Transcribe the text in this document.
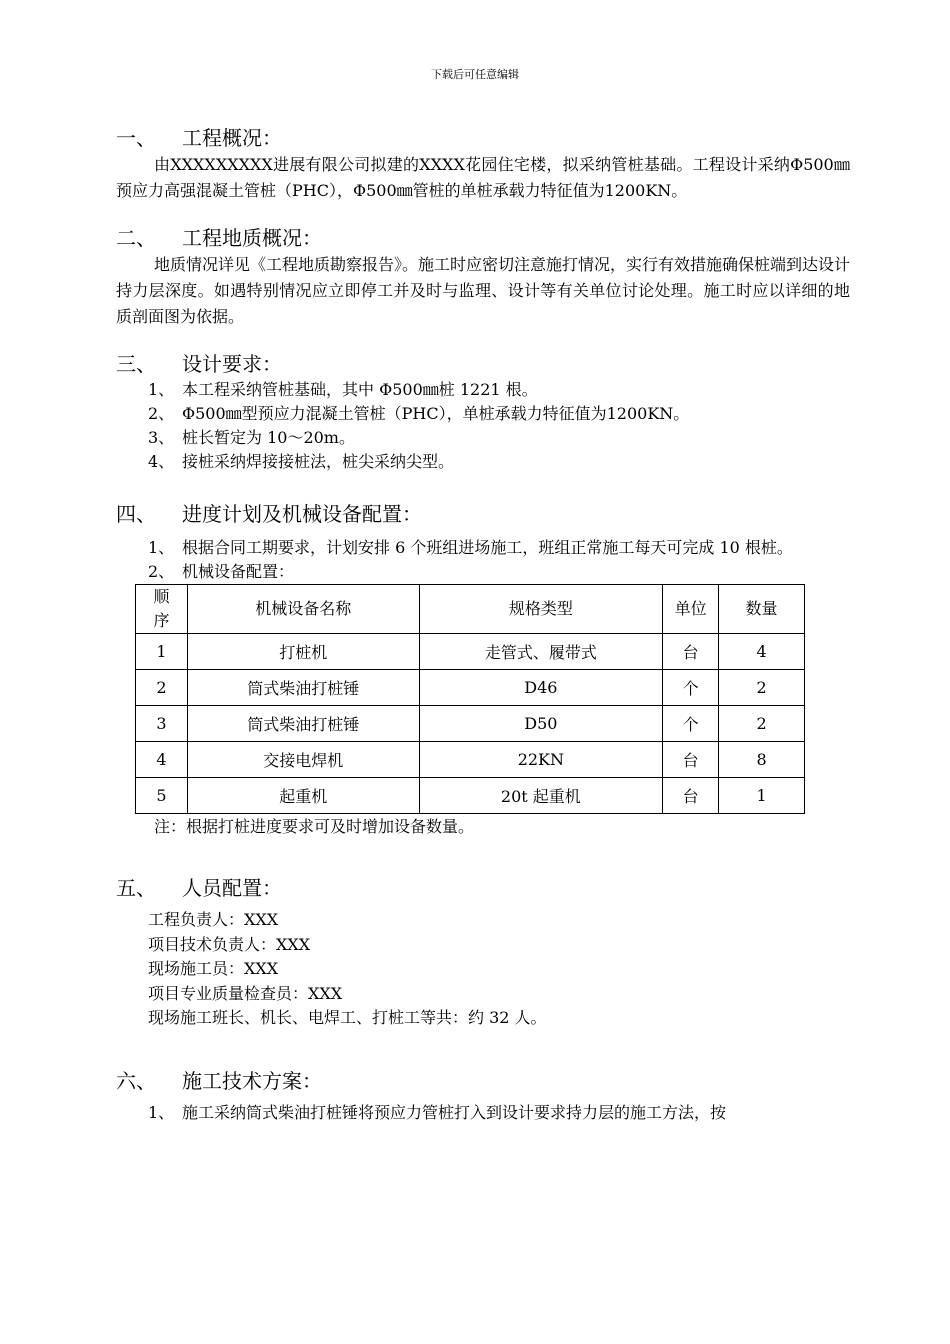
下载后可任意编辑
一、	工程概况：
由XXXXXXXXX进展有限公司拟建的XXXX花园住宅楼，拟采纳管桩基础。工程设计采纳Φ500㎜预应力高强混凝土管桩（PHC），Φ500㎜管桩的单桩承载力特征值为1200KN。
二、	工程地质概况：
地质情况详见《工程地质勘察报告》。施工时应密切注意施打情况，实行有效措施确保桩端到达设计持力层深度。如遇特别情况应立即停工并及时与监理、设计等有关单位讨论处理。施工时应以详细的地质剖面图为依据。
三、	设计要求：
1、 本工程采纳管桩基础，其中 Φ500㎜桩 1221 根。
2、 Φ500㎜型预应力混凝土管桩（PHC），单桩承载力特征值为1200KN。
3、 桩长暂定为 10～20m。
4、 接桩采纳焊接接桩法，桩尖采纳尖型。
四、	进度计划及机械设备配置：
1、 根据合同工期要求，计划安排 6 个班组进场施工，班组正常施工每天可完成 10 根桩。
2、 机械设备配置：
顺序	机械设备名称	规格类型	单位	数量
1	打桩机	走管式、履带式	台	4
2	筒式柴油打桩锤	D46	个	2
3	筒式柴油打桩锤	D50	个	2
4	交接电焊机	22KN	台	8
5	起重机	20t 起重机	台	1
注：根据打桩进度要求可及时增加设备数量。
五、	人员配置：
工程负责人：XXX
项目技术负责人：XXX
现场施工员：XXX
项目专业质量检查员：XXX
现场施工班长、机长、电焊工、打桩工等共：约 32 人。
六、	施工技术方案：
1、 施工采纳筒式柴油打桩锤将预应力管桩打入到设计要求持力层的施工方法，按
